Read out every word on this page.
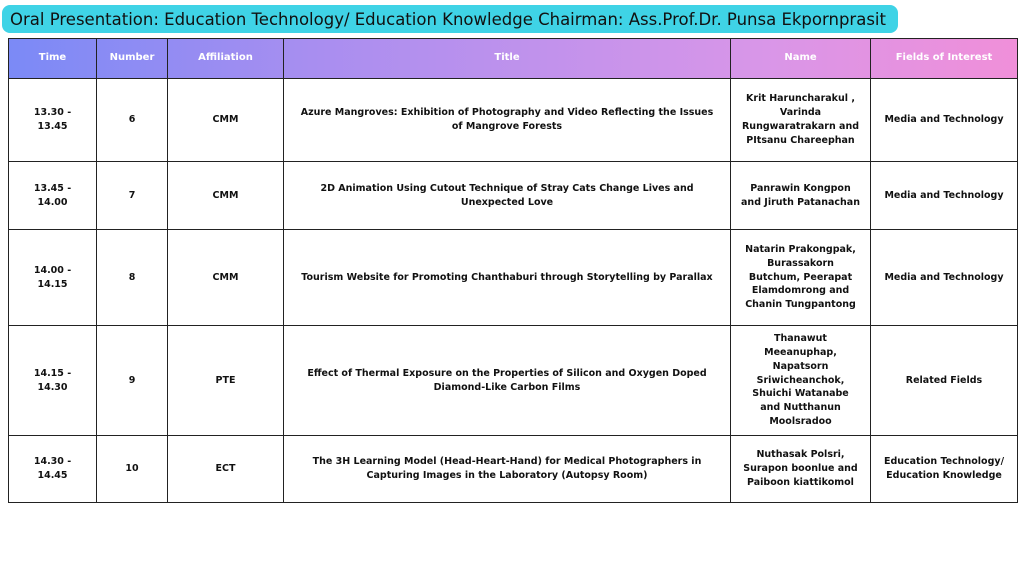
Oral Presentation: Education Technology/ Education Knowledge Chairman: Ass.Prof.Dr. Punsa Ekpornprasit
Time	Number	Affiliation	Title	Name	Fields of Interest
13.30 - 13.45	6	CMM	Azure Mangroves: Exhibition of Photography and Video Reflecting the Issues of Mangrove Forests	Krit Haruncharakul , Varinda Rungwaratrakarn and PItsanu Chareephan	Media and Technology
13.45 - 14.00	7	CMM	2D Animation Using Cutout Technique of Stray Cats Change Lives and Unexpected Love	Panrawin Kongpon and Jiruth Patanachan	Media and Technology
14.00 - 14.15	8	CMM	Tourism Website for Promoting Chanthaburi through Storytelling by Parallax	Natarin Prakongpak, Burassakorn Butchum, Peerapat Elamdomrong and Chanin Tungpantong	Media and Technology
14.15 - 14.30	9	PTE	Effect of Thermal Exposure on the Properties of Silicon and Oxygen Doped Diamond-Like Carbon Films	Thanawut Meeanuphap, Napatsorn Sriwicheanchok, Shuichi Watanabe and Nutthanun Moolsradoo	Related Fields
14.30 - 14.45	10	ECT	The 3H Learning Model (Head-Heart-Hand) for Medical Photographers in Capturing Images in the Laboratory (Autopsy Room)	Nuthasak Polsri, Surapon boonlue and Paiboon kiattikomol	Education Technology/ Education Knowledge
